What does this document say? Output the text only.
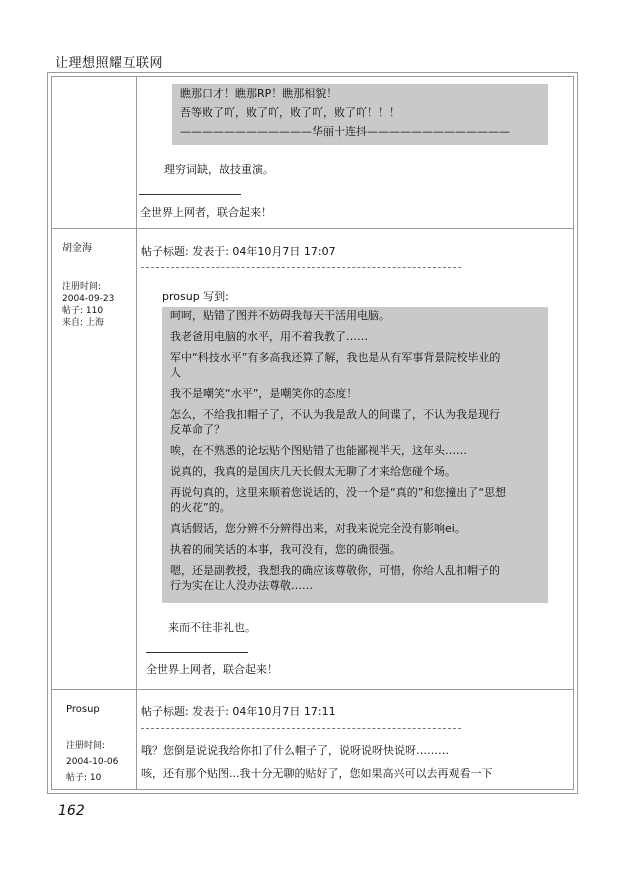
让理想照耀互联网

瞧那口才！瞧那RP！瞧那相貌！

吾等败了吖，败了吖，败了吖，败了吖！！！

————————————华丽十连抖—————————————

理穷词缺，故技重演。
全世界上网者，联合起来！
胡金海
注册时间:
2004-09-23
帖子: 110
来自: 上海
帖子标题: 发表于: 04年10月7日 17:07
prosup 写到:

呵呵，贴错了图并不妨碍我每天干活用电脑。

我老爸用电脑的水平，用不着我教了……

军中“科技水平”有多高我还算了解，我也是从有军事背景院校毕业的

人

我不是嘲笑“水平”，是嘲笑你的态度！

怎么，不给我扣帽子了，不认为我是敌人的间谍了，不认为我是现行

反革命了？

唉，在不熟悉的论坛贴个图贴错了也能鄙视半天，这年头……

说真的，我真的是国庆几天长假太无聊了才来给您碰个场。

再说句真的，这里来顺着您说话的，没一个是“真的”和您撞出了“思想

的火花”的。

真话假话，您分辨不分辨得出来，对我来说完全没有影响ei。

执着的闹笑话的本事，我可没有，您的确很强。

嗯，还是副教授，我想我的确应该尊敬你，可惜，你给人乱扣帽子的

行为实在让人没办法尊敬……

来而不往非礼也。
全世界上网者，联合起来！
Prosup
注册时间:
2004-10-06
帖子: 10
帖子标题: 发表于: 04年10月7日 17:11
哦？您倒是说说我给你扣了什么帽子了，说呀说呀快说呀………
咳，还有那个贴图...我十分无聊的贴好了，您如果高兴可以去再观看一下
162
